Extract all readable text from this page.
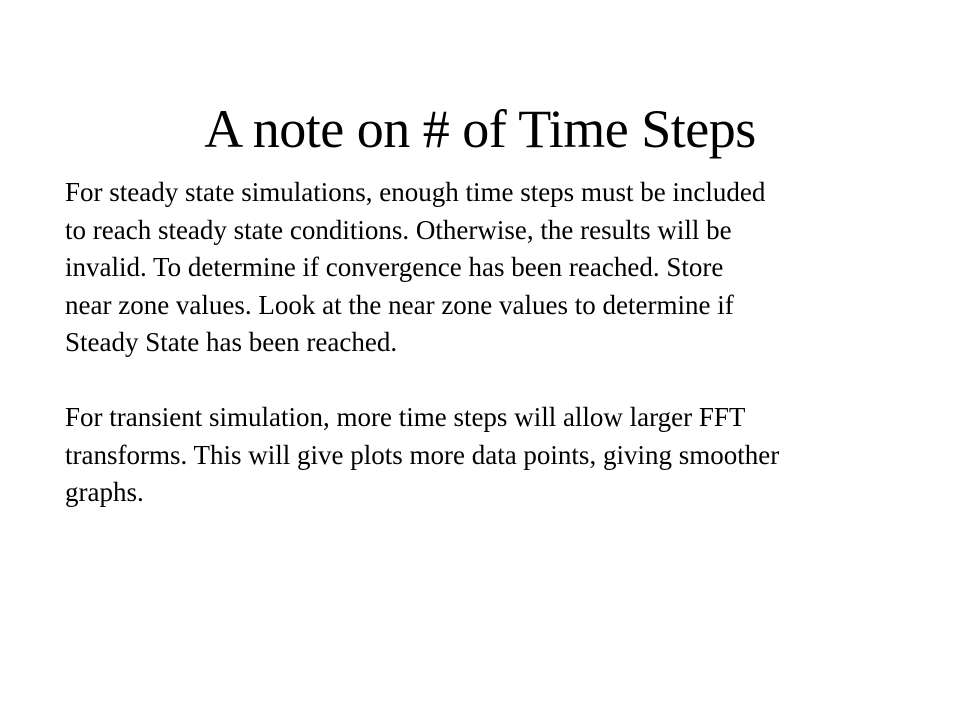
A note on # of Time Steps

For steady state simulations, enough time steps must be included
to reach steady state conditions. Otherwise, the results will be
invalid. To determine if convergence has been reached. Store
near zone values. Look at the near zone values to determine if
Steady State has been reached.

For transient simulation, more time steps will allow larger FFT
transforms. This will give plots more data points, giving smoother
graphs.
